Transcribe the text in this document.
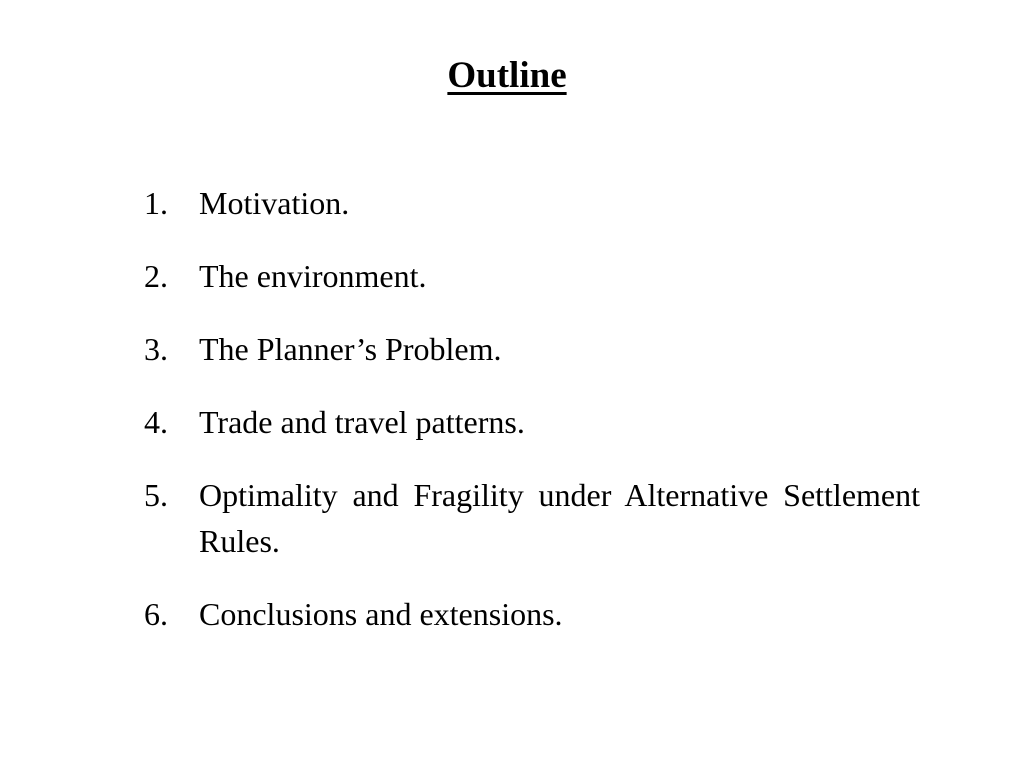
Outline
1. Motivation.
2. The environment.
3. The Planner’s Problem.
4. Trade and travel patterns.
5. Optimality and Fragility under Alternative Settlement Rules.
6. Conclusions and extensions.
